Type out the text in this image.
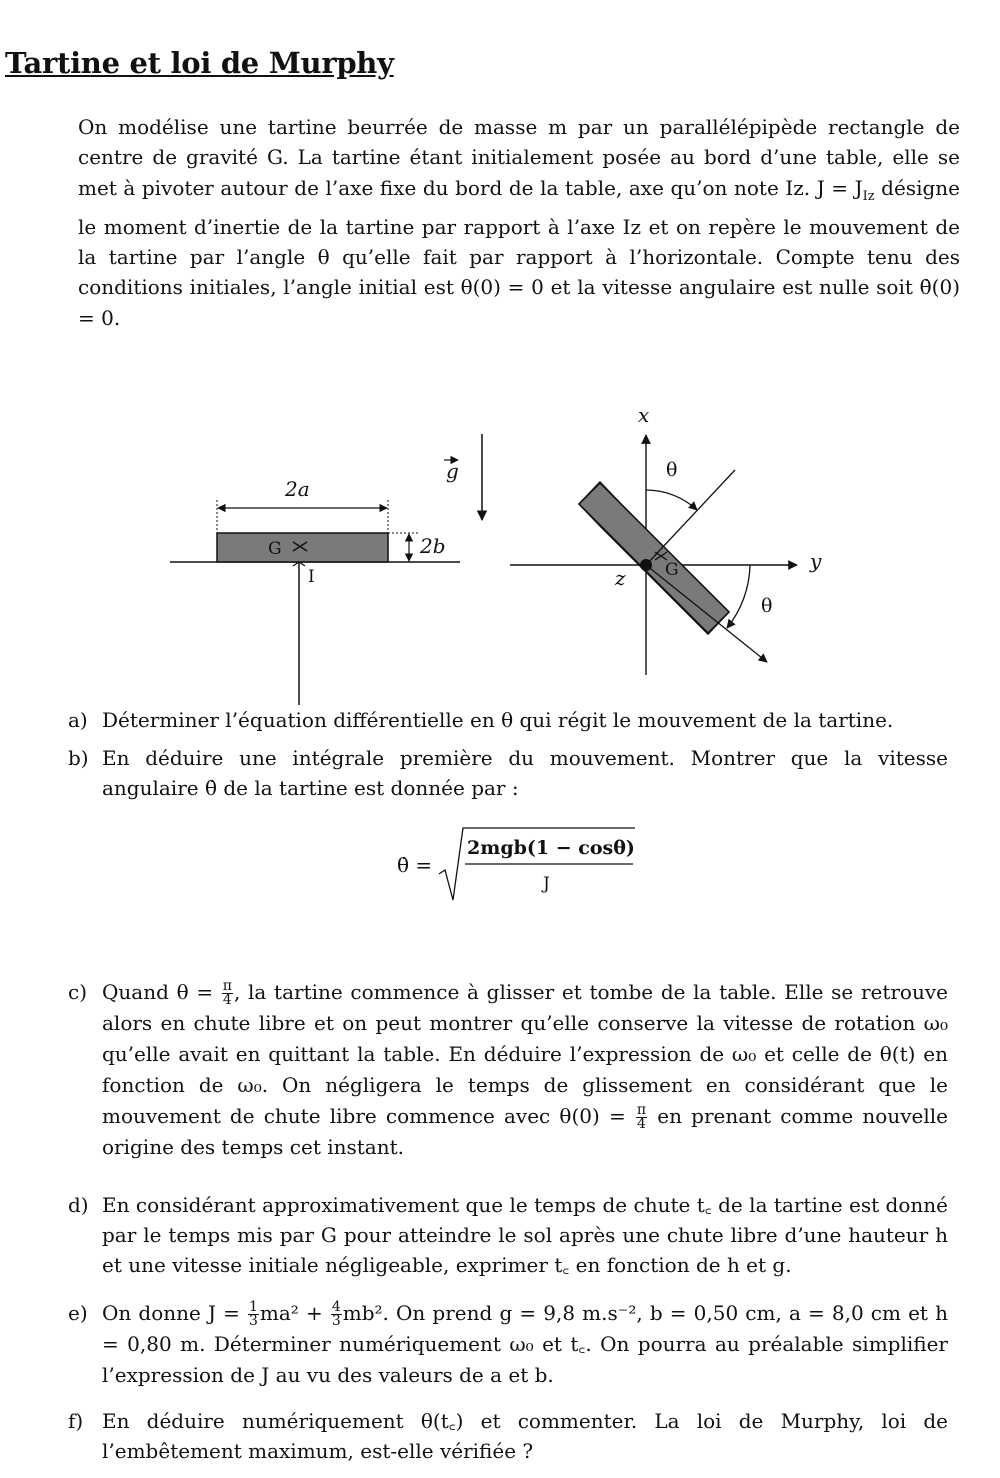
Tartine et loi de Murphy

On modélise une tartine beurrée de masse m par un parallélépipède rectangle de centre de gravité G. La tartine étant initialement posée au bord d’une table, elle se met à pivoter autour de l’axe fixe du bord de la table, axe qu’on note Iz. $J = J_{Iz}$ désigne le moment d’inertie de la tartine par rapport à l’axe Iz et on repère le mouvement de la tartine par l’angle θ qu’elle fait par rapport à l’horizontale. Compte tenu des conditions initiales, l’angle initial est θ(0) = 0 et la vitesse angulaire est nulle soit θ̇(0) = 0.

G
I
2a
2b
g
x
y
z G
θ
θ
a) Déterminer l’équation différentielle en θ qui régit le mouvement de la tartine.

b) En déduire une intégrale première du mouvement. Montrer que la vitesse angulaire θ̇ de la tartine est donnée par :

θ̇ =
2mgb(1 − cosθ)
J
c) Quand $\theta = \frac{\pi}{4}$ , la tartine commence à glisser et tombe de la table. Elle se retrouve alors en chute libre et on peut montrer qu’elle conserve la vitesse de rotation ω₀ qu’elle avait en quittant la table. En déduire l’expression de ω₀ et celle de θ(t) en fonction de ω₀. On négligera le temps de glissement en considérant que le mouvement de chute libre commence avec $\theta(0) = \frac{\pi}{4}$ en prenant comme nouvelle origine des temps cet instant.

d) En considérant approximativement que le temps de chute t꜀ de la tartine est donné par le temps mis par G pour atteindre le sol après une chute libre d’une hauteur h et une vitesse initiale négligeable, exprimer t꜀ en fonction de h et g.

e) On donne $J = \frac{1}{3} ma^2 + \frac{4}{3} mb^2$. On prend g = 9,8 m.s⁻², b = 0,50 cm, a = 8,0 cm et h = 0,80 m. Déterminer numériquement ω₀ et t꜀. On pourra au préalable simplifier l’expression de J au vu des valeurs de a et b.

f) En déduire numériquement θ(t꜀) et commenter. La loi de Murphy, loi de l’embêtement maximum, est-elle vérifiée ?
